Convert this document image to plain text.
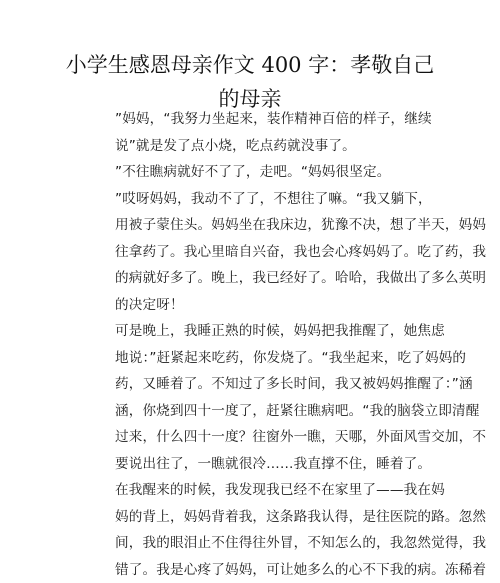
小学生感恩母亲作文 400 字：孝敬自己的母亲

”妈妈，“我努力坐起来，装作精神百倍的样子，继续
说”就是发了点小烧，吃点药就没事了。

”不往瞧病就好不了了，走吧。“妈妈很坚定。

”哎呀妈妈，我动不了了，不想往了嘛。“我又躺下，
用被子蒙住头。妈妈坐在我床边，犹豫不决，想了半天，妈妈
往拿药了。我心里暗自兴奋，我也会心疼妈妈了。吃了药，我
的病就好多了。晚上，我已经好了。哈哈，我做出了多么英明
的决定呀！

可是晚上，我睡正熟的时候，妈妈把我推醒了，她焦虑
地说：”赶紧起来吃药，你发烧了。“我坐起来，吃了妈妈的
药，又睡着了。不知过了多长时间，我又被妈妈推醒了：”涵
涵，你烧到四十一度了，赶紧往瞧病吧。“我的脑袋立即清醒
过来，什么四十一度？往窗外一瞧，天哪，外面风雪交加，不
要说出往了，一瞧就很冷……我直撑不住，睡着了。

在我醒来的时候，我发现我已经不在家里了——我在妈
妈的背上，妈妈背着我，这条路我认得，是往医院的路。忽然
间，我的眼泪止不住得往外冒，不知怎么的，我忽然觉得，我
错了。我是心疼了妈妈，可让她多么的心不下我的病。冻稀着
